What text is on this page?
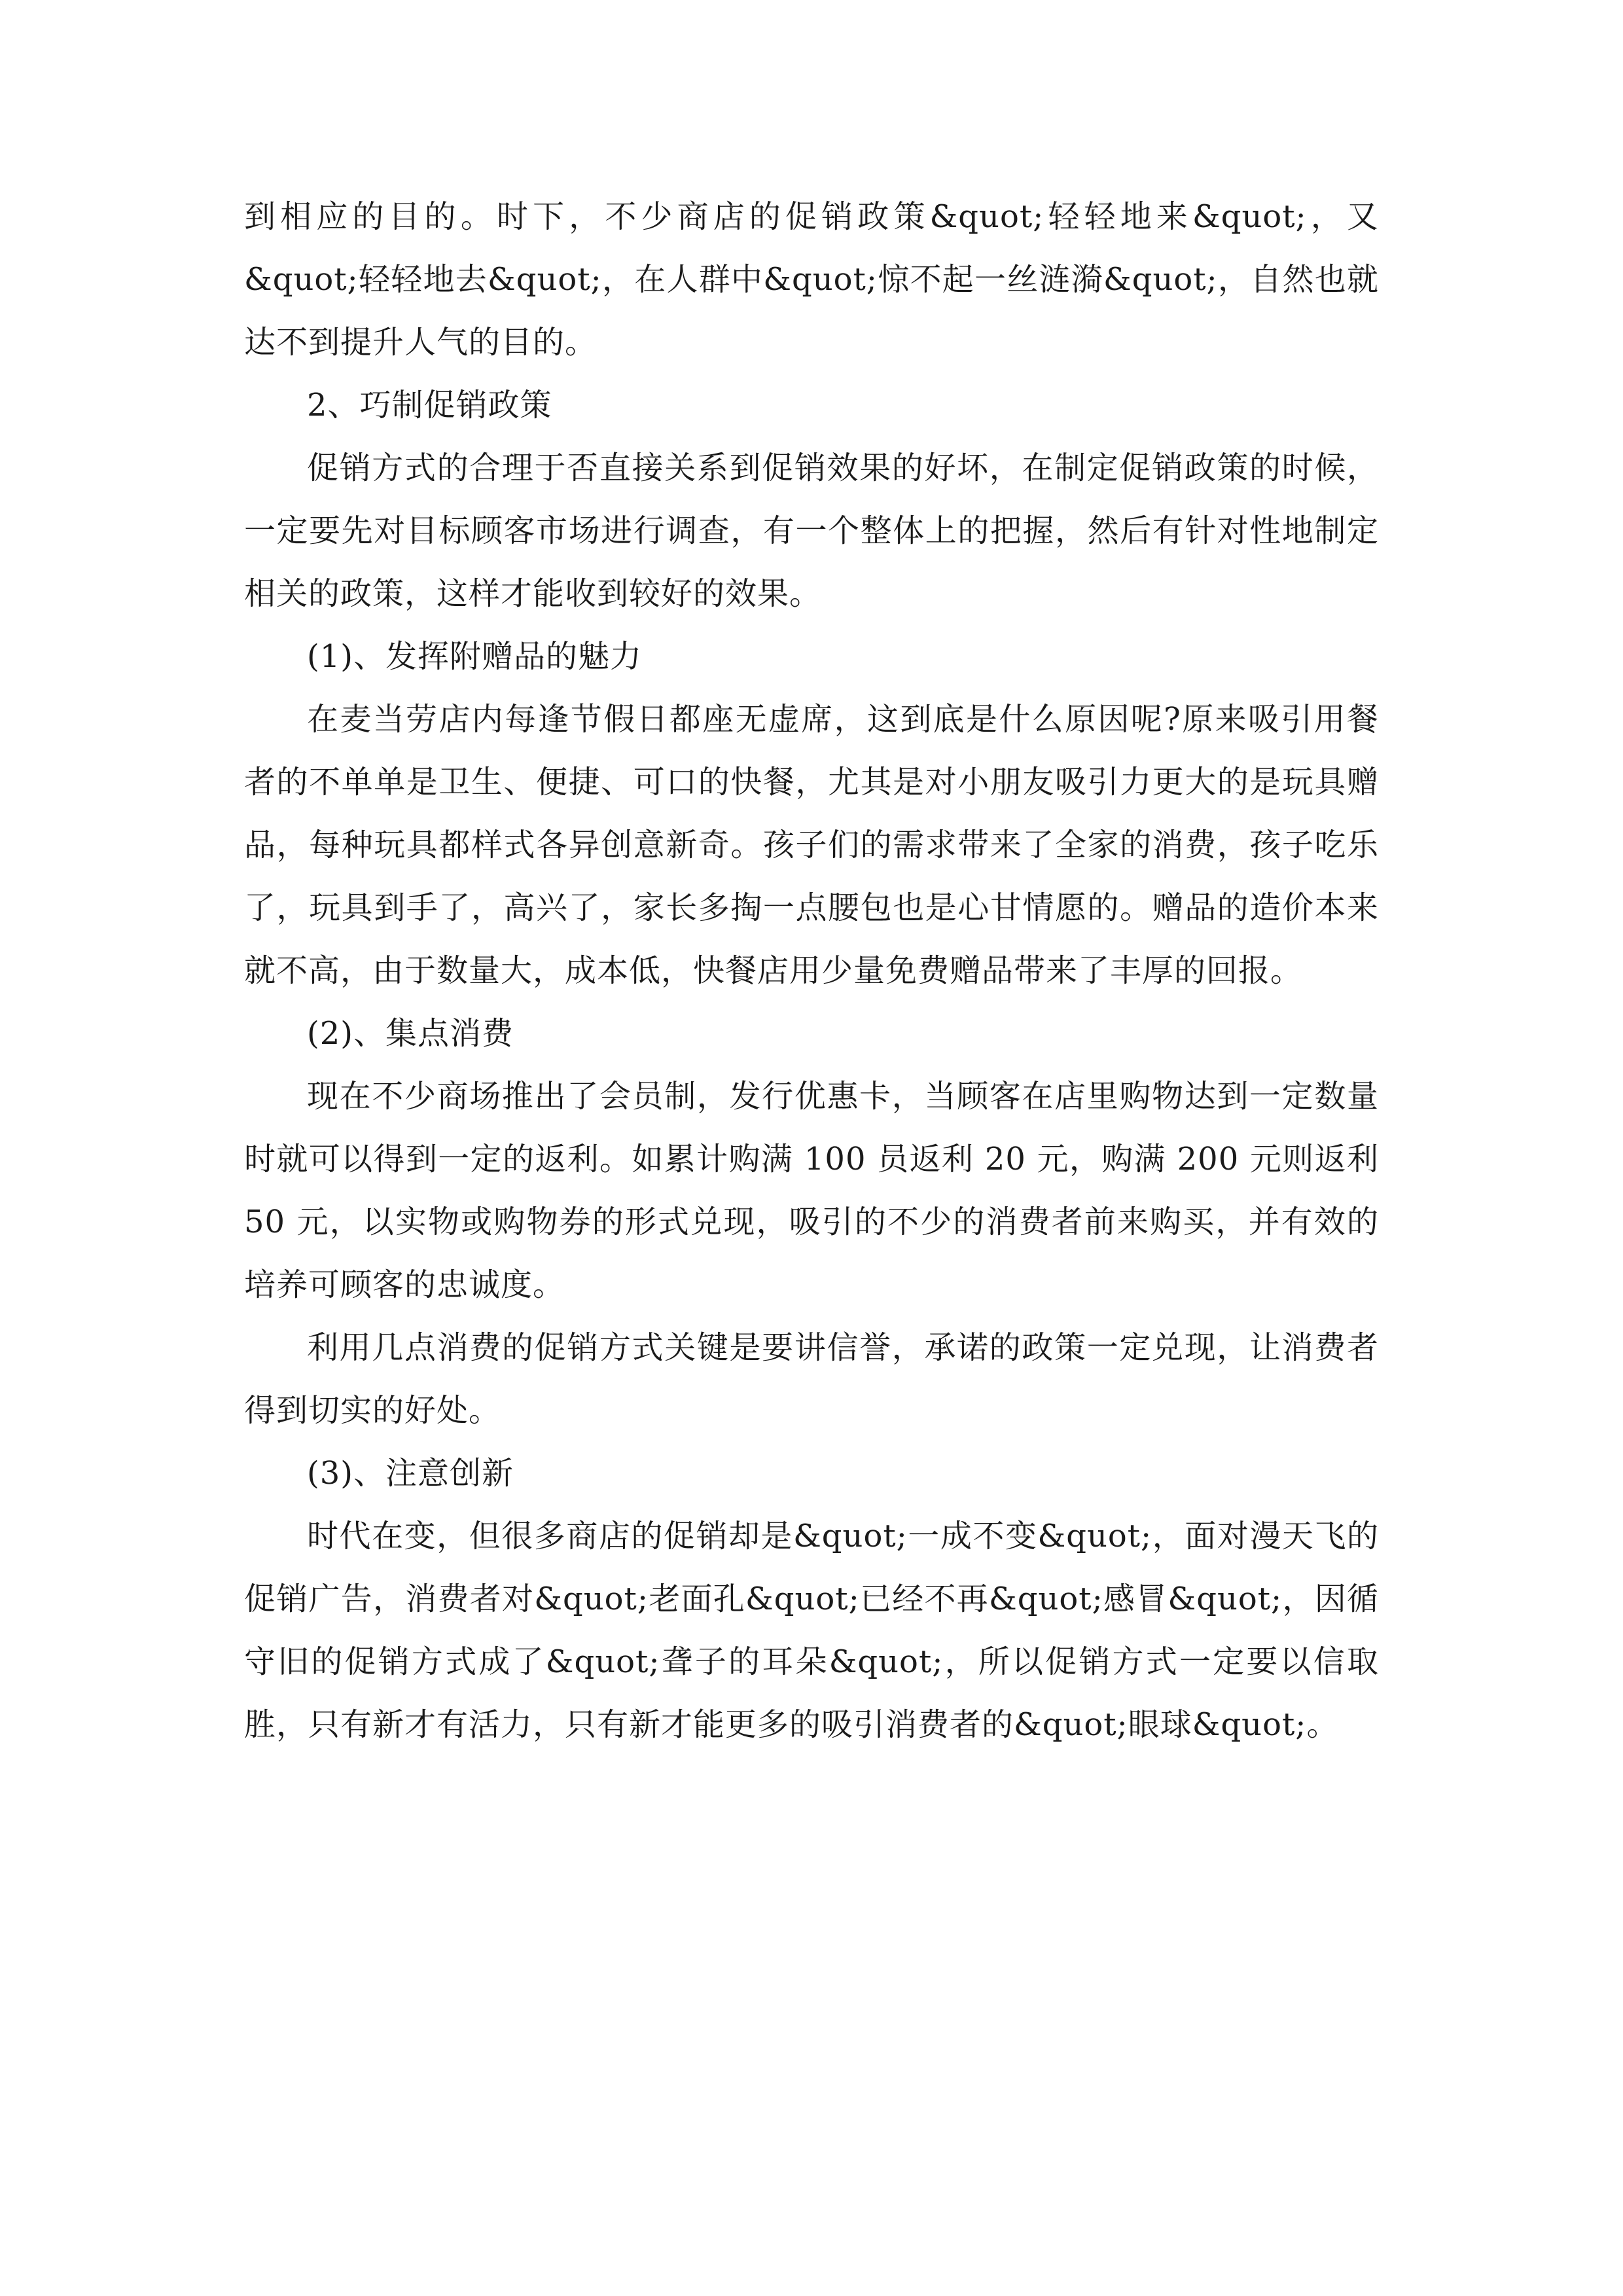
到相应的目的。时下，不少商店的促销政策&quot;轻轻地来&quot;，又&quot;轻轻地去&quot;，在人群中&quot;惊不起一丝涟漪&quot;，自然也就达不到提升人气的目的。

2、巧制促销政策

促销方式的合理于否直接关系到促销效果的好坏，在制定促销政策的时候，一定要先对目标顾客市场进行调查，有一个整体上的把握，然后有针对性地制定相关的政策，这样才能收到较好的效果。

(1)、发挥附赠品的魅力

在麦当劳店内每逢节假日都座无虚席，这到底是什么原因呢?原来吸引用餐者的不单单是卫生、便捷、可口的快餐，尤其是对小朋友吸引力更大的是玩具赠品，每种玩具都样式各异创意新奇。孩子们的需求带来了全家的消费，孩子吃乐了，玩具到手了，高兴了，家长多掏一点腰包也是心甘情愿的。赠品的造价本来就不高，由于数量大，成本低，快餐店用少量免费赠品带来了丰厚的回报。

(2)、集点消费

现在不少商场推出了会员制，发行优惠卡，当顾客在店里购物达到一定数量时就可以得到一定的返利。如累计购满 100 员返利 20 元，购满 200 元则返利 50 元，以实物或购物券的形式兑现，吸引的不少的消费者前来购买，并有效的培养可顾客的忠诚度。

利用几点消费的促销方式关键是要讲信誉，承诺的政策一定兑现，让消费者得到切实的好处。

(3)、注意创新

时代在变，但很多商店的促销却是&quot;一成不变&quot;，面对漫天飞的促销广告，消费者对&quot;老面孔&quot;已经不再&quot;感冒&quot;，因循守旧的促销方式成了&quot;聋子的耳朵&quot;，所以促销方式一定要以信取胜，只有新才有活力，只有新才能更多的吸引消费者的&quot;眼球&quot;。
